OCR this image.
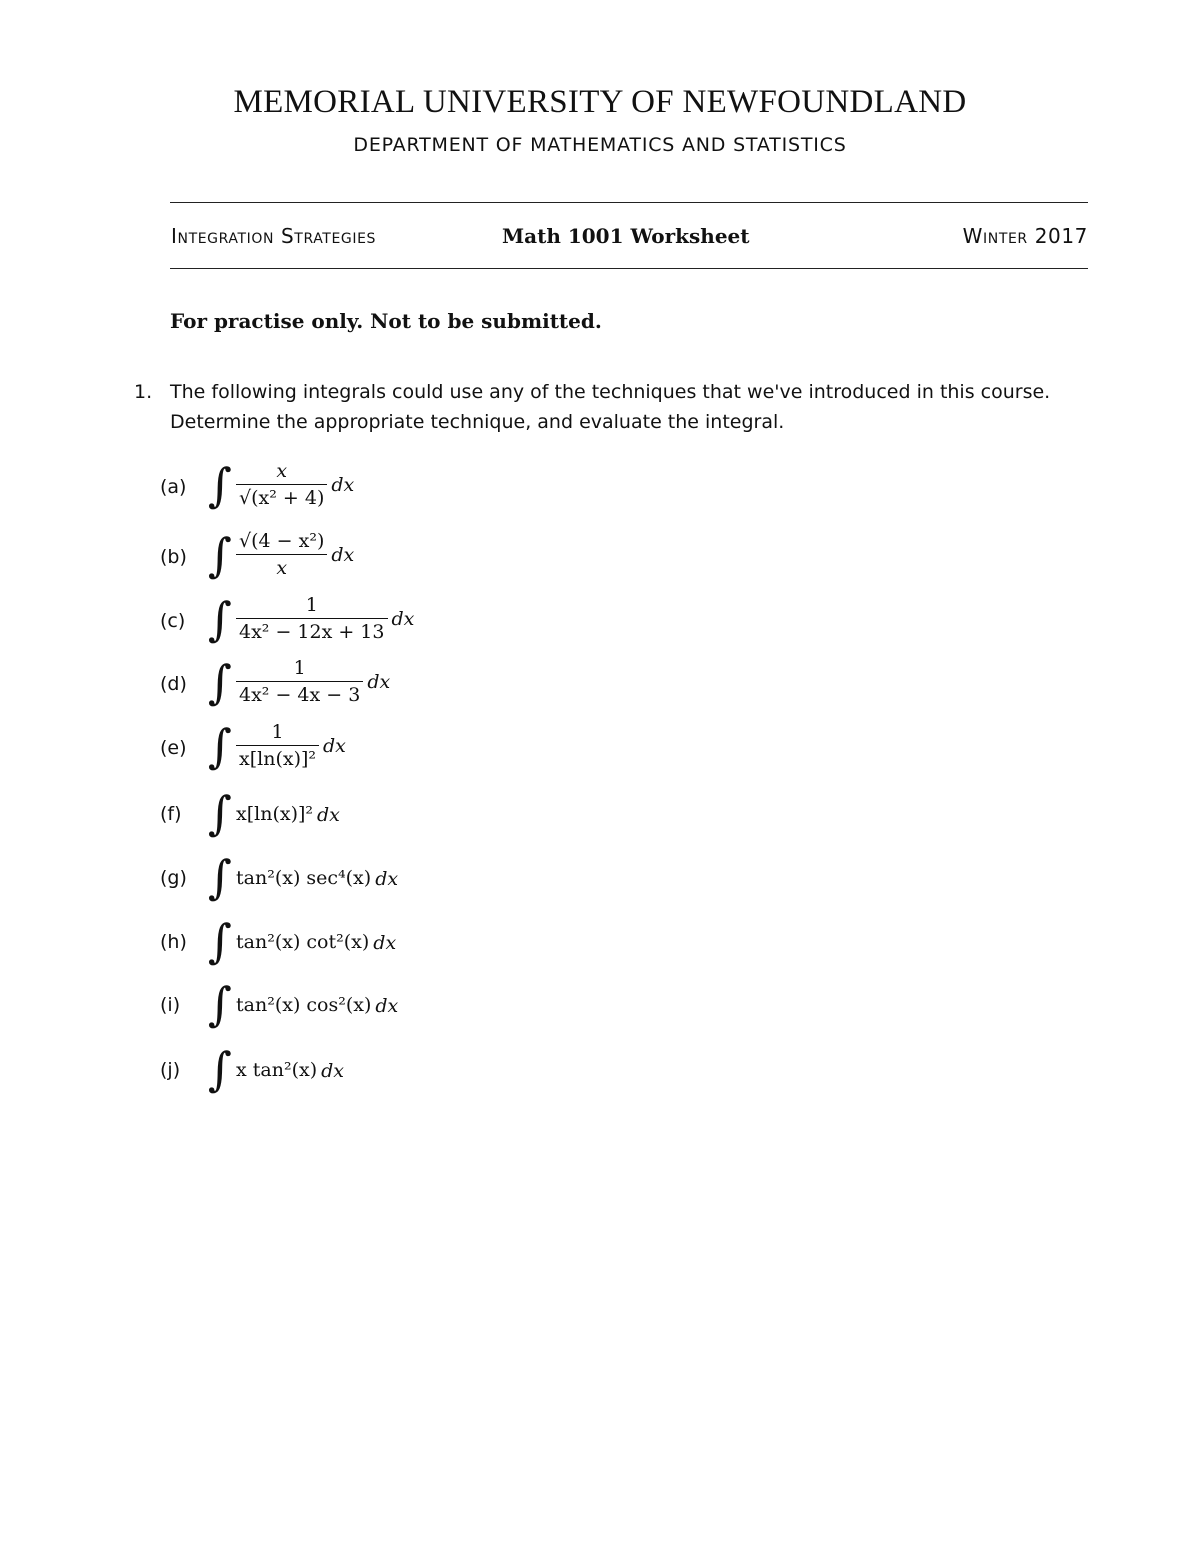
MEMORIAL UNIVERSITY OF NEWFOUNDLAND
DEPARTMENT OF MATHEMATICS AND STATISTICS
Integration Strategies	Math 1001 Worksheet	Winter 2017
For practise only. Not to be submitted.
1. The following integrals could use any of the techniques that we've introduced in this course.
Determine the appropriate technique, and evaluate the integral.
(a) ∫ $\frac{x}{\text{√(x² + 4)}}$ dx
(b) ∫ $\frac{\text{√(4 − x²)}}{x}$ dx
(c) ∫ $\frac{1}{\text{4x² − 12x + 13}}$ dx
(d) ∫ $\frac{1}{\text{4x² − 4x − 3}}$ dx
(e) ∫ $\frac{1}{\text{x[ln(x)]²}}$ dx
(f) ∫ x[ln(x)]² dx
(g) ∫ tan²(x) sec⁴(x) dx
(h) ∫ tan²(x) cot²(x) dx
(i) ∫ tan²(x) cos²(x) dx
(j) ∫ x tan²(x) dx
